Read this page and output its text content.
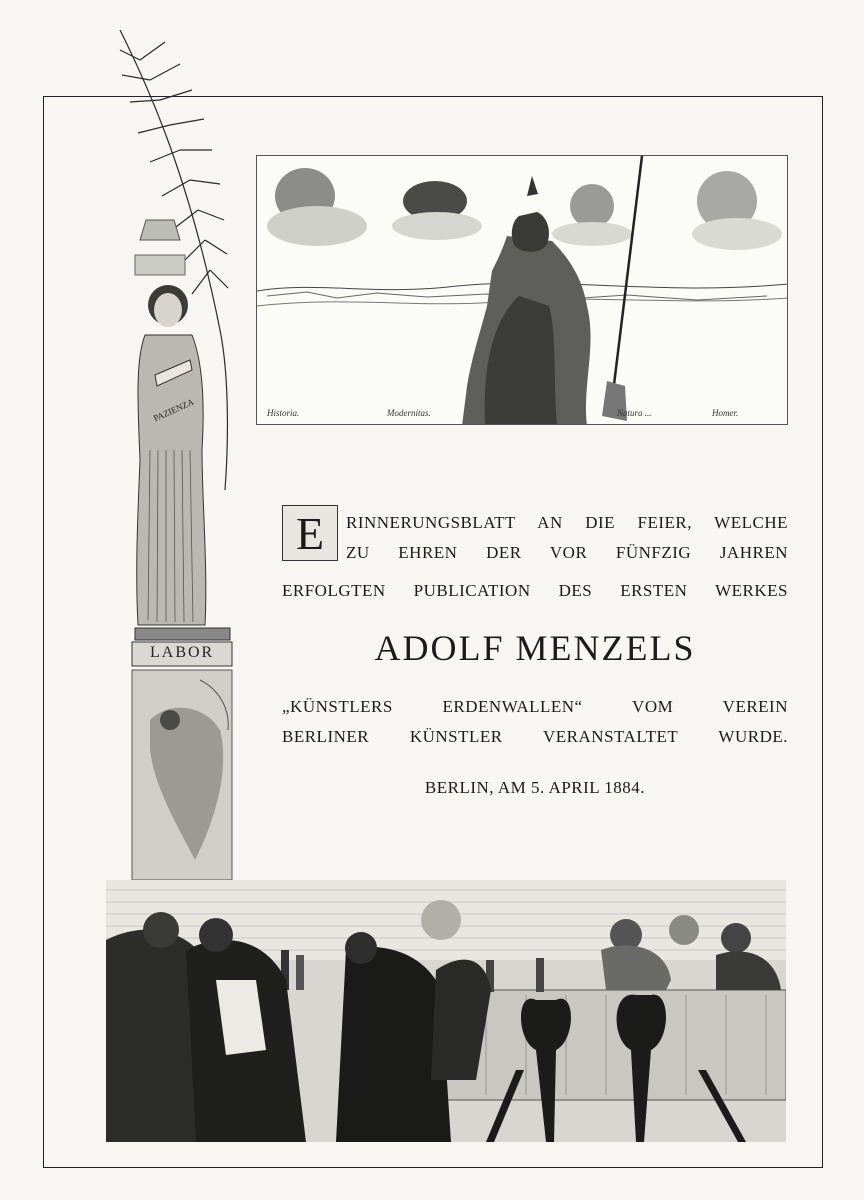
Historia.	Modernitas.	Natura ...	Homer.
PAZIENZA
LABOR
E	RINNERUNGSBLATT AN DIE FEIER, WELCHE
ZU EHREN DER VOR FÜNFZIG JAHREN
ERFOLGTEN PUBLICATION DES ERSTEN WERKES
ADOLF MENZELS
„KÜNSTLERS ERDENWALLEN“ VOM VEREIN
BERLINER KÜNSTLER VERANSTALTET WURDE.
BERLIN, AM 5. APRIL 1884.
